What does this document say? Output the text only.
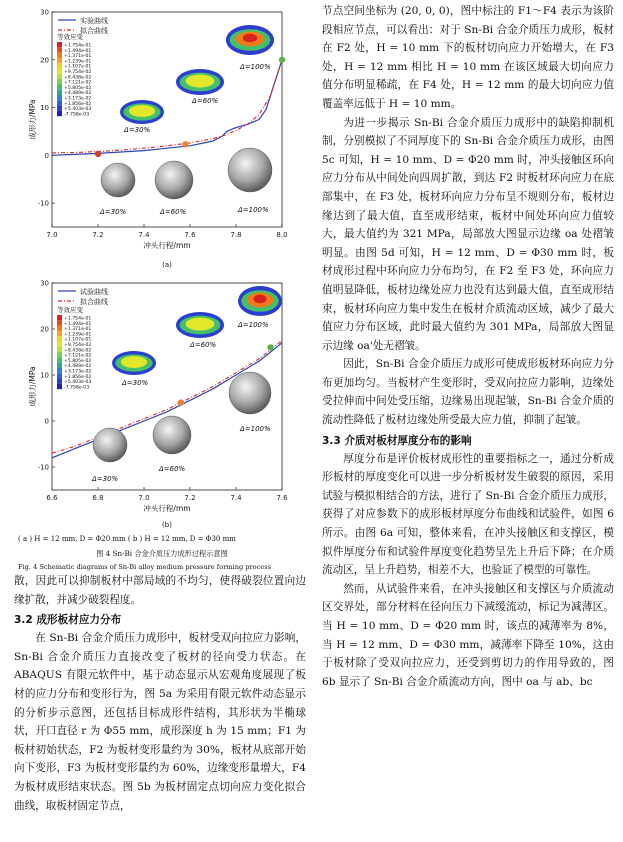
-10
0
10
20
30
7.0	7.2	7.4	7.6	7.8	8.0
冲头行程/mm
成形力/MPa
实验曲线
拟合曲线
等效应变
+1.754e-01
+1.494e-01
+1.371e-01
+1.239e-01
+1.107e-01
+9.754e-02
+8.438e-02
+7.121e-02
+5.805e-02
+4.489e-02
+3.173e-02
+1.856e-02
+5.403e-03
-7.758e-03
Δ=30%
Δ=60%
Δ=100%
Δ=30%	Δ=60%	Δ=100%
(a)
-10
0
10
20
30
6.6	6.8	7.0	7.2	7.4	7.6
冲头行程/mm
成形力/MPa
试验曲线
拟合曲线
等效应变
+1.754e-01
+1.494e-01
+1.371e-01
+1.239e-01
+1.107e-01
+9.754e-02
+8.438e-02
+7.121e-02
+5.805e-02
+4.489e-02
+3.173e-02
+1.856e-02
+5.403e-03
-7.758e-03
Δ=30%
Δ=60%
Δ=100%
Δ=30%
Δ=60%
Δ=100%
(b)

( a ) H = 12 mm, D = Φ20 mm ( b ) H = 12 mm, D = Φ30 mm

图 4 Sn-Bi 合金介质压力成形过程示意图

Fig. 4 Schematic diagrams of Sn-Bi alloy medium pressure forming process

散，因此可以抑制板材中部局域的不均匀，使得破裂位置向边缘扩散，并减少破裂程度。

3.2 成形板材应力分布

在 Sn-Bi 合金介质压力成形中，板材受双向拉应力影响，Sn-Bi 合金介质压力直接改变了板材的径向受力状态。在 ABAQUS 有限元软件中，基于动态显示从宏观角度展现了板材的应力分布和变形行为，图 5a 为采用有限元软件动态显示的分析步示意图，还包括目标成形件结构，其形状为半椭球状，开口直径 r 为 Φ55 mm，成形深度 h 为 15 mm；F1 为板材初始状态，F2 为板材变形量约为 30%，板材从底部开始向下变形，F3 为板材变形量约为 60%，边缘变形量增大，F4 为板材成形结束状态。图 5b 为板材固定点切向应力变化拟合曲线，取板材固定节点，

节点空间坐标为 (20, 0, 0)，图中标注的 F1～F4 表示为该阶段相应节点，可以看出：对于 Sn-Bi 合金介质压力成形，板材在 F2 处，H = 10 mm 下的板材切向应力开始增大，在 F3 处，H = 12 mm 相比 H = 10 mm 在该区域最大切向应力值分布明显稀疏，在 F4 处，H = 12 mm 的最大切向应力值覆盖率远低于 H = 10 mm。

为进一步揭示 Sn-Bi 合金介质压力成形中的缺陷抑制机制，分别模拟了不同厚度下的 Sn-Bi 合金介质压力成形，由图 5c 可知，H = 10 mm、D = Φ20 mm 时，冲头接触区环向应力分布从中间处向四周扩散，到达 F2 时板材环向应力在底部集中，在 F3 处，板材环向应力分布呈不规则分布，板材边缘达到了最大值，直至成形结束，板材中间处环向应力值较大，最大值约为 321 MPa，局部放大图显示边缘 oa 处褶皱明显。由图 5d 可知，H = 12 mm、D = Φ30 mm 时，板材成形过程中环向应力分布均匀，在 F2 至 F3 处，环向应力值明显降低，板材边缘处应力也没有达到最大值，直至成形结束，板材环向应力集中发生在板材介质流动区域，减少了最大值应力分布区域，此时最大值约为 301 MPa，局部放大图显示边缘 oa'处无褶皱。

因此，Sn-Bi 合金介质压力成形可使成形板材环向应力分布更加均匀。当板材产生变形时，受双向拉应力影响，边缘处受拉伸而中间处受压缩，边缘易出现起皱，Sn-Bi 合金介质的流动性降低了板材边缘处所受最大应力值，抑制了起皱。

3.3 介质对板材厚度分布的影响

厚度分布是评价板材成形性的重要指标之一，通过分析成形板材的厚度变化可以进一步分析板材发生破裂的原因，采用试验与模拟相结合的方法，进行了 Sn-Bi 合金介质压力成形，获得了对应参数下的成形板材厚度分布曲线和试验件，如图 6 所示。由图 6a 可知，整体来看，在冲头接触区和支撑区，模拟件厚度分布和试验件厚度变化趋势呈先上升后下降；在介质流动区，呈上升趋势，相差不大，也验证了模型的可靠性。

然而，从试验件来看，在冲头接触区和支撑区与介质流动区交界处，部分材料在径向压力下减缓流动，标记为减薄区。当 H = 10 mm、D = Φ20 mm 时，该点的减薄率为 8%，当 H = 12 mm、D = Φ30 mm，减薄率下降至 10%，这由于板材除了受双向拉应力，还受到剪切力的作用导致的，图 6b 显示了 Sn-Bi 合金介质流动方向，图中 oa 与 ab、bc
